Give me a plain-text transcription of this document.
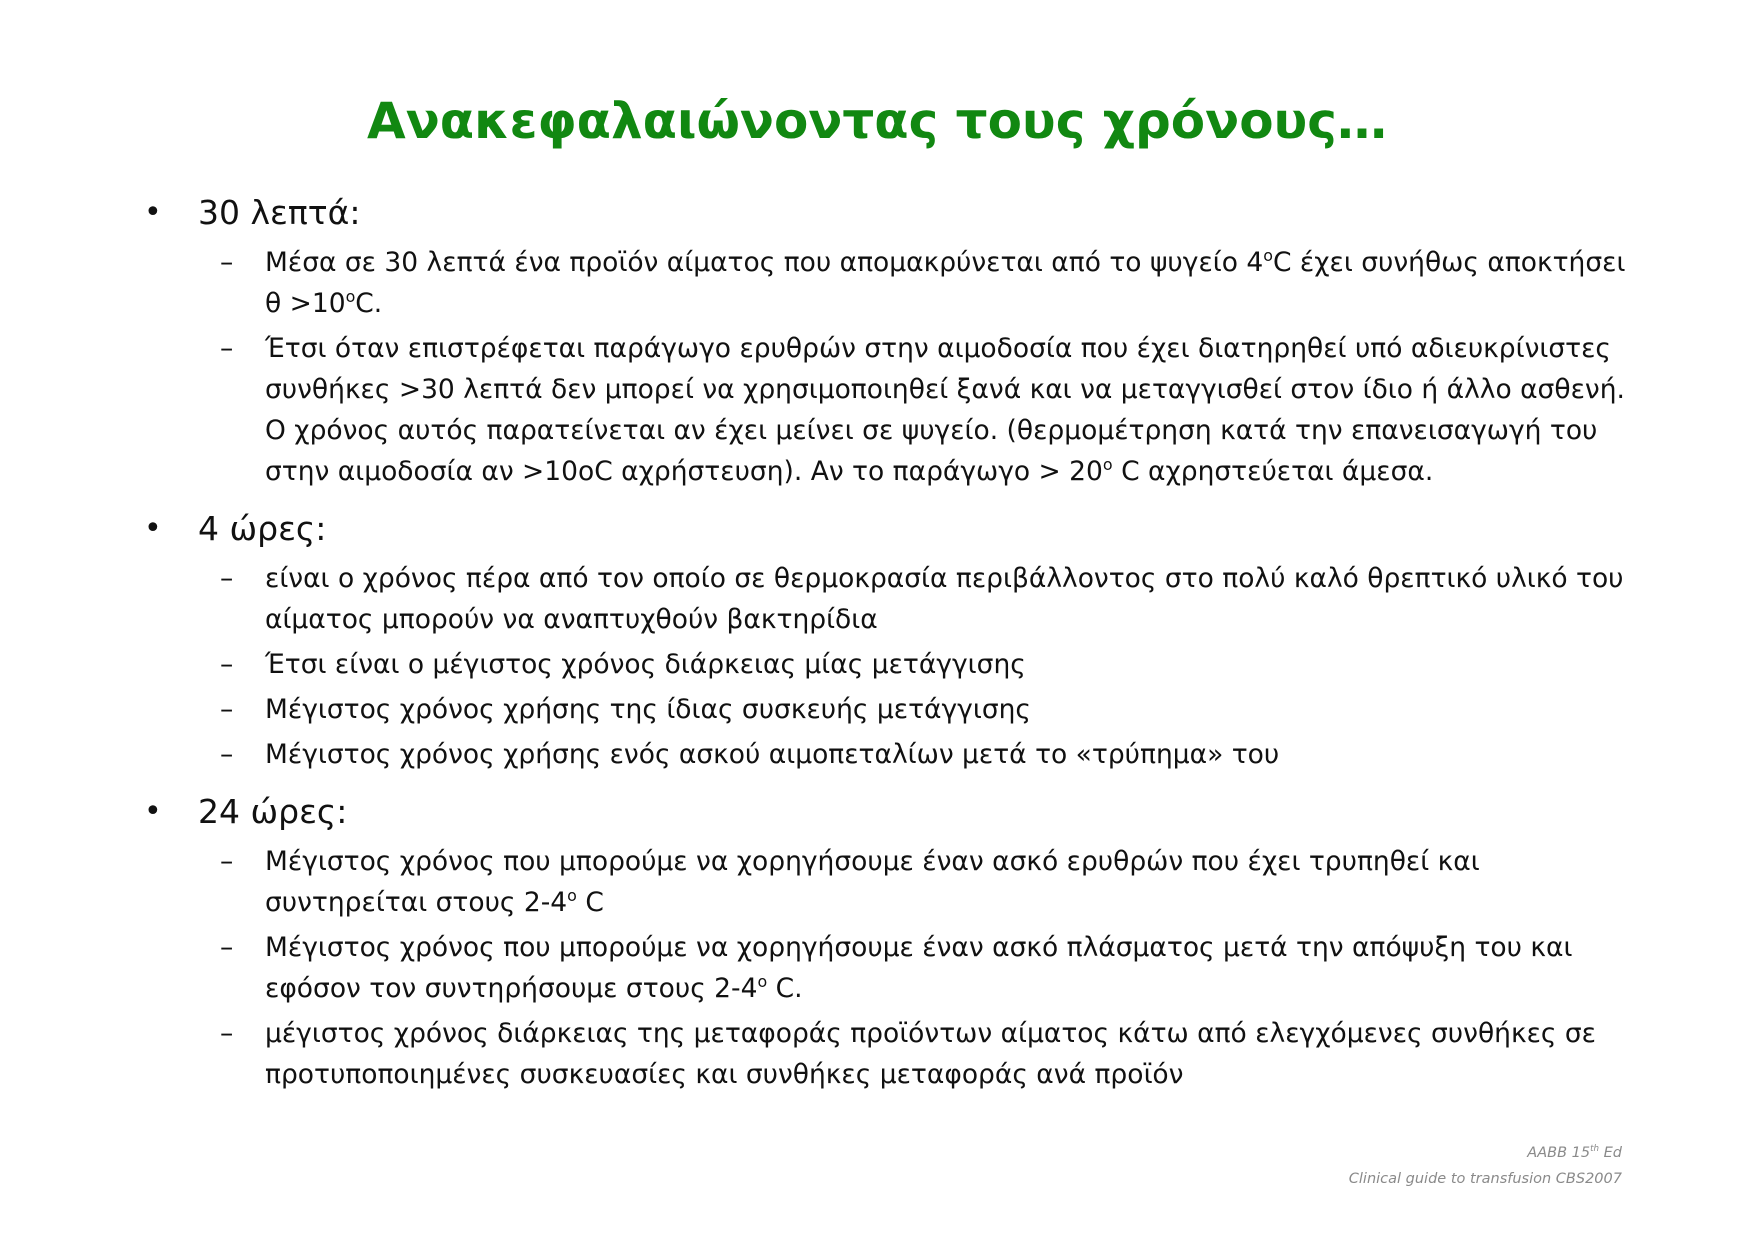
Ανακεφαλαιώνοντας τους χρόνους…
• 30 λεπτά:
– Μέσα σε 30 λεπτά ένα προϊόν αίματος που απομακρύνεται από το ψυγείο 4$^o$C έχει συνήθως αποκτήσει $\theta >10^oC$.
– Έτσι όταν επιστρέφεται παράγωγο ερυθρών στην αιμοδοσία που έχει διατηρηθεί υπό αδιευκρίνιστες συνθήκες >30 λεπτά δεν μπορεί να χρησιμοποιηθεί ξανά και να μεταγγισθεί στον ίδιο ή άλλο ασθενή. Ο χρόνος αυτός παρατείνεται αν έχει μείνει σε ψυγείο. (θερμομέτρηση κατά την επανεισαγωγή του στην αιμοδοσία αν >10oC αχρήστευση). Αν το $\pi\alpha\rho ά\gamma\omega\gamma o > 20^o$ C αχρηστεύεται άμεσα.
• 4 ώρες:
– είναι ο χρόνος πέρα από τον οποίο σε θερμοκρασία περιβάλλοντος στο πολύ καλό θρεπτικό υλικό του αίματος μπορούν να αναπτυχθούν βακτηρίδια
– Έτσι είναι ο μέγιστος χρόνος διάρκειας μίας μετάγγισης
– Μέγιστος χρόνος χρήσης της ίδιας συσκευής μετάγγισης
– Μέγιστος χρόνος χρήσης ενός ασκού αιμοπεταλίων μετά το «τρύπημα» του
• 24 ώρες:
– Μέγιστος χρόνος που μπορούμε να χορηγήσουμε έναν ασκό ερυθρών που έχει τρυπηθεί και συντηρείται στους 2-4$^o$ C
– Μέγιστος χρόνος που μπορούμε να χορηγήσουμε έναν ασκό πλάσματος μετά την απόψυξη του και εφόσον τον συντηρήσουμε στους 2-4$^o$ C.
– μέγιστος χρόνος διάρκειας της μεταφοράς προϊόντων αίματος κάτω από ελεγχόμενες συνθήκες σε προτυποποιημένες συσκευασίες και συνθήκες μεταφοράς ανά προϊόν
AABB 15th Ed
Clinical guide to transfusion CBS2007
